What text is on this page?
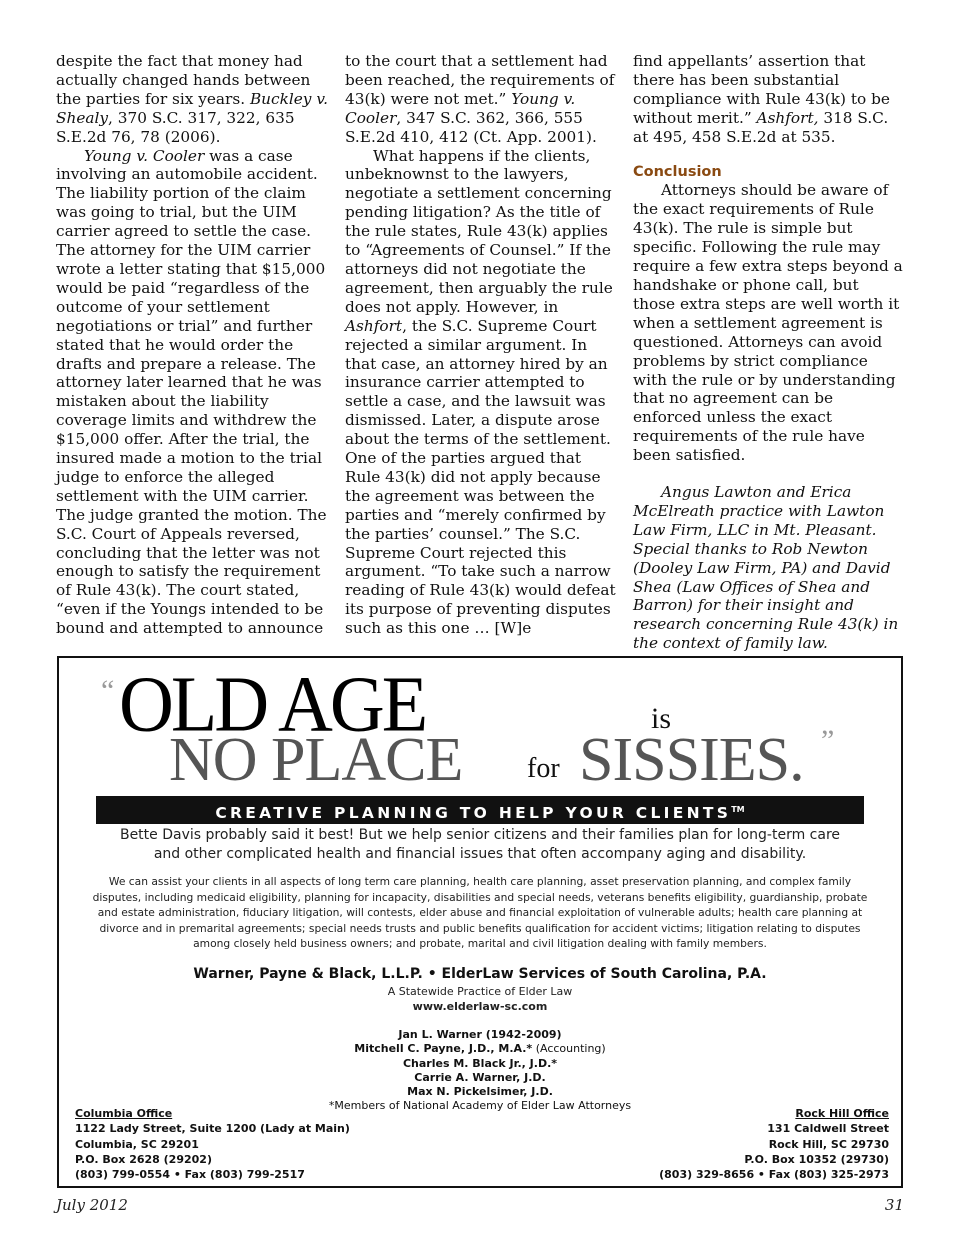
despite the fact that money had actually changed hands between the parties for six years. Buckley v. Shealy, 370 S.C. 317, 322, 635 S.E.2d 76, 78 (2006).

Young v. Cooler was a case involving an automobile accident. The liability portion of the claim was going to trial, but the UIM carrier agreed to settle the case. The attorney for the UIM carrier wrote a letter stating that $15,000 would be paid “regardless of the outcome of your settlement negotiations or trial” and further stated that he would order the drafts and prepare a release. The attorney later learned that he was mistaken about the liability coverage limits and withdrew the $15,000 offer. After the trial, the insured made a motion to the trial judge to enforce the alleged settlement with the UIM carrier. The judge granted the motion. The S.C. Court of Appeals reversed, concluding that the letter was not enough to satisfy the requirement of Rule 43(k). The court stated, “even if the Youngs intended to be bound and attempted to announce

to the court that a settlement had been reached, the requirements of 43(k) were not met.” Young v. Cooler, 347 S.C. 362, 366, 555 S.E.2d 410, 412 (Ct. App. 2001).

What happens if the clients, unbeknownst to the lawyers, negotiate a settlement concerning pending litigation? As the title of the rule states, Rule 43(k) applies to “Agreements of Counsel.” If the attorneys did not negotiate the agreement, then arguably the rule does not apply. However, in Ashfort, the S.C. Supreme Court rejected a similar argument. In that case, an attorney hired by an insurance carrier attempted to settle a case, and the lawsuit was dismissed. Later, a dispute arose about the terms of the settlement. One of the parties argued that Rule 43(k) did not apply because the agreement was between the parties and “merely confirmed by the parties’ counsel.” The S.C. Supreme Court rejected this argument. “To take such a narrow reading of Rule 43(k) would defeat its purpose of preventing disputes such as this one … [W]e

find appellants’ assertion that there has been substantial compliance with Rule 43(k) to be without merit.” Ashfort, 318 S.C. at 495, 458 S.E.2d at 535.

Conclusion

Attorneys should be aware of the exact requirements of Rule 43(k). The rule is simple but specific. Following the rule may require a few extra steps beyond a handshake or phone call, but those extra steps are well worth it when a settlement agreement is questioned. Attorneys can avoid problems by strict compliance with the rule or by understanding that no agreement can be enforced unless the exact requirements of the rule have been satisfied.

Angus Lawton and Erica McElreath practice with Lawton Law Firm, LLC in Mt. Pleasant. Special thanks to Rob Newton (Dooley Law Firm, PA) and David Shea (Law Offices of Shea and Barron) for their insight and research concerning Rule 43(k) in the context of family law.

“ OLD AGE	is
NO PLACE for SISSIES. ”
CREATIVE PLANNING TO HELP YOUR CLIENTS™

Bette Davis probably said it best! But we help senior citizens and their families plan for long-term care

and other complicated health and financial issues that often accompany aging and disability.

We can assist your clients in all aspects of long term care planning, health care planning, asset preservation planning, and complex family disputes, including medicaid eligibility, planning for incapacity, disabilities and special needs, veterans benefits eligibility, guardianship, probate and estate administration, fiduciary litigation, will contests, elder abuse and financial exploitation of vulnerable adults; health care planning at divorce and in premarital agreements; special needs trusts and public benefits qualification for accident victims; litigation relating to disputes among closely held business owners; and probate, marital and civil litigation dealing with family members.
Warner, Payne & Black, L.L.P. • ElderLaw Services of South Carolina, P.A.
A Statewide Practice of Elder Law
www.elderlaw-sc.com
Jan L. Warner (1942-2009)
Mitchell C. Payne, J.D., M.A.* (Accounting)
Charles M. Black Jr., J.D.*
Carrie A. Warner, J.D.
Max N. Pickelsimer, J.D.
*Members of National Academy of Elder Law Attorneys
Columbia Office
1122 Lady Street, Suite 1200 (Lady at Main)
Columbia, SC 29201
P.O. Box 2628 (29202)
(803) 799-0554 • Fax (803) 799-2517
Rock Hill Office
131 Caldwell Street
Rock Hill, SC 29730
P.O. Box 10352 (29730)
(803) 329-8656 • Fax (803) 325-2973
July 2012	31
